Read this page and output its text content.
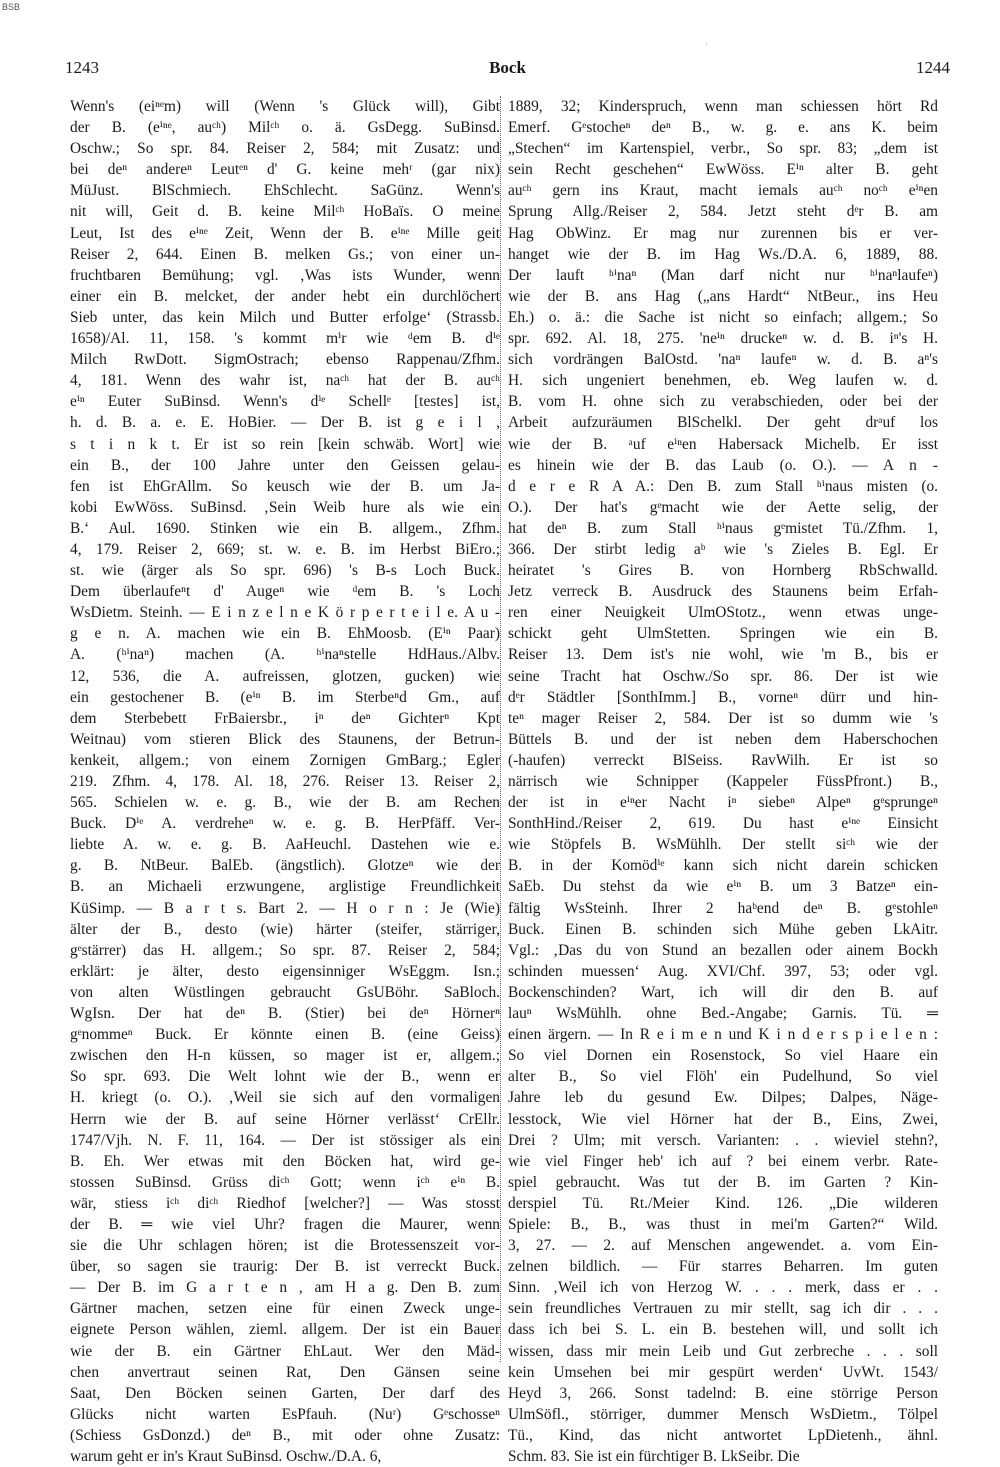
BSB
ʿ
1243	Bock	1244
Wenn's (eiⁿᵉm) will (Wenn 's Glück will), Gibt
der B. (eⁱⁿᵉ, auᶜʰ) Milᶜʰ o. ä. GsDegg. SuBinsd.
Oschw.; So spr. 84. Reiser 2, 584; mit Zusatz: und
bei deⁿ andereⁿ Leutᵉⁿ d' G. keine mehʳ (gar nix)
MüJust. BlSchmiech. EhSchlecht. SaGünz. Wenn's
nit will, Geit d. B. keine Milᶜʰ HoBaïs. O meine
Leut, Ist des eⁱⁿᵉ Zeit, Wenn der B. eⁱⁿᵉ Mille geit
Reiser 2, 644. Einen B. melken Gs.; von einer un-
fruchtbaren Bemühung; vgl. ‚Was ists Wunder, wenn
einer ein B. melcket, der ander hebt ein durchlöchert
Sieb unter, das kein Milch und Butter erfolge‘ (Strassb.
1658)/Al. 11, 158. 's kommt mⁱr wie ᵈem B. dⁱᵉ
Milch RwDott. SigmOstrach; ebenso Rappenau/Zfhm.
4, 181. Wenn des wahr ist, naᶜʰ hat der B. auᶜʰ
eⁱⁿ Euter SuBinsd. Wenn's dⁱᵉ Schellᵉ [testes] ist,
h. d. B. a. e. E. HoBier. — Der B. ist g e i l ,
s t i n k t. Er ist so rein [kein schwäb. Wort] wie
ein B., der 100 Jahre unter den Geissen gelau-
fen ist EhGrAllm. So keusch wie der B. um Ja-
kobi EwWöss. SuBinsd. ‚Sein Weib hure als wie ein
B.‘ Aul. 1690. Stinken wie ein B. allgem., Zfhm.
4, 179. Reiser 2, 669; st. w. e. B. im Herbst BiEro.;
st. wie (ärger als So spr. 696) 's B-s Loch Buck.
Dem überlaufeⁿt d' Augeⁿ wie ᵈem B. 's Loch
WsDietm. Steinh. — E i n z e l n e K ö r p e r t e i l e. A u -
g e n. A. machen wie ein B. EhMoosb. (Eⁱⁿ Paar)
A. (ʰⁱnaⁿ) machen (A. ʰⁱnaⁿstelle HdHaus./Albv.
12, 536, die A. aufreissen, glotzen, gucken) wie
ein gestochener B. (eⁱⁿ B. im Sterbeⁿd Gm., auf
dem Sterbebett FrBaiersbr., iⁿ deⁿ Gichterⁿ Kpt
Weitnau) vom stieren Blick des Staunens, der Betrun-
kenkeit, allgem.; von einem Zornigen GmBarg.; Egler
219. Zfhm. 4, 178. Al. 18, 276. Reiser 13. Reiser 2,
565. Schielen w. e. g. B., wie der B. am Rechen
Buck. Dⁱᵉ A. verdreheⁿ w. e. g. B. HerPfäff. Ver-
liebte A. w. e. g. B. AaHeuchl. Dastehen wie e.
g. B. NtBeur. BalEb. (ängstlich). Glotzeⁿ wie der
B. an Michaeli erzwungene, arglistige Freundlichkeit
KüSimp. — B a r t s. Bart 2. — H o r n : Je (Wie)
älter der B., desto (wie) härter (steifer, stärriger,
gᵉstärrer) das H. allgem.; So spr. 87. Reiser 2, 584;
erklärt: je älter, desto eigensinniger WsEggm. Isn.;
von alten Wüstlingen gebraucht GsUBöhr. SaBloch.
WgIsn. Der hat deⁿ B. (Stier) bei deⁿ Hörnerⁿ
gᵉnommeⁿ Buck. Er könnte einen B. (eine Geiss)
zwischen den H-n küssen, so mager ist er, allgem.;
So spr. 693. Die Welt lohnt wie der B., wenn er
H. kriegt (o. O.). ‚Weil sie sich auf den vormaligen
Herrn wie der B. auf seine Hörner verlässt‘ CrEllr.
1747/Vjh. N. F. 11, 164. — Der ist stössiger als ein
B. Eh. Wer etwas mit den Böcken hat, wird ge-
stossen SuBinsd. Grüss diᶜʰ Gott; wenn iᶜʰ eⁱⁿ B.
wär, stiess iᶜʰ diᶜʰ Riedhof [welcher?] — Was stosst
der B. ═ wie viel Uhr? fragen die Maurer, wenn
sie die Uhr schlagen hören; ist die Brotessenszeit vor-
über, so sagen sie traurig: Der B. ist verreckt Buck.
— Der B. im G a r t e n , am H a g. Den B. zum
Gärtner machen, setzen eine für einen Zweck unge-
eignete Person wählen, zieml. allgem. Der ist ein Bauer
wie der B. ein Gärtner EhLaut. Wer den Mäd-
chen anvertraut seinen Rat, Den Gänsen seine
Saat, Den Böcken seinen Garten, Der darf des
Glücks nicht warten EsPfauh. (Nuʳ) Gᵉschosseⁿ
(Schiess GsDonzd.) deⁿ B., mit oder ohne Zusatz:
warum geht er in's Kraut SuBinsd. Oschw./D.A. 6,
1889, 32; Kinderspruch, wenn man schiessen hört Rd
Emerf. Gᵉstocheⁿ deⁿ B., w. g. e. ans K. beim
„Stechen“ im Kartenspiel, verbr., So spr. 83; „dem ist
sein Recht geschehen“ EwWöss. Eⁱⁿ alter B. geht
auᶜʰ gern ins Kraut, macht iemals auᶜʰ noᶜʰ eⁱⁿen
Sprung Allg./Reiser 2, 584. Jetzt steht dᵉr B. am
Hag ObWinz. Er mag nur zurennen bis er ver-
hanget wie der B. im Hag Ws./D.A. 6, 1889, 88.
Der lauft ʰⁱnaⁿ (Man darf nicht nur ʰⁱnaⁿlaufeⁿ)
wie der B. ans Hag („ans Hardt“ NtBeur., ins Heu
Eh.) o. ä.: die Sache ist nicht so einfach; allgem.; So
spr. 692. Al. 18, 275. 'neⁱⁿ druckeⁿ w. d. B. iⁿ's H.
sich vordrängen BalOstd. 'naⁿ laufeⁿ w. d. B. aⁿ's
H. sich ungeniert benehmen, eb. Weg laufen w. d.
B. vom H. ohne sich zu verabschieden, oder bei der
Arbeit aufzuräumen BlSchelkl. Der geht drᵃuf los
wie der B. ᵃuf eⁱⁿen Habersack Michelb. Er isst
es hinein wie der B. das Laub (o. O.). — A n -
d e r e R A A.: Den B. zum Stall ʰⁱnaus misten (o.
O.). Der hat's gᵉmacht wie der Aette selig, der
hat deⁿ B. zum Stall ʰⁱnaus gᵉmistet Tü./Zfhm. 1,
366. Der stirbt ledig aᵇ wie 's Zieles B. Egl. Er
heiratet 's Gires B. von Hornberg RbSchwalld.
Jetz verreck B. Ausdruck des Staunens beim Erfah-
ren einer Neuigkeit UlmOStotz., wenn etwas unge-
schickt geht UlmStetten. Springen wie ein B.
Reiser 13. Dem ist's nie wohl, wie 'm B., bis er
seine Tracht hat Oschw./So spr. 86. Der ist wie
dᵉr Städtler [SonthImm.] B., vorneⁿ dürr und hin-
teⁿ mager Reiser 2, 584. Der ist so dumm wie 's
Büttels B. und der ist neben dem Haberschochen
(-haufen) verreckt BlSeiss. RavWilh. Er ist so
närrisch wie Schnipper (Kappeler FüssPfront.) B.,
der ist in eⁱⁿer Nacht iⁿ siebeⁿ Alpeⁿ gᵉsprungeⁿ
SonthHind./Reiser 2, 619. Du hast eⁱⁿᵉ Einsicht
wie Stöpfels B. WsMühlh. Der stellt siᶜʰ wie der
B. in der Komödⁱᵉ kann sich nicht darein schicken
SaEb. Du stehst da wie eⁱⁿ B. um 3 Batzeⁿ ein-
fältig WsSteinh. Ihrer 2 haᵇend deⁿ B. gᵉstohleⁿ
Buck. Einen B. schinden sich Mühe geben LkAitr.
Vgl.: ‚Das du von Stund an bezallen oder ainem Bockh
schinden muessen‘ Aug. XVI/Chf. 397, 53; oder vgl.
Bockenschinden? Wart, ich will dir den B. auf
lauⁿ WsMühlh. ohne Bed.-Angabe; Garnis. Tü. ═
einen ärgern. — In R e i m e n und K i n d e r s p i e l e n :
So viel Dornen ein Rosenstock, So viel Haare ein
alter B., So viel Flöh' ein Pudelhund, So viel
Jahre leb du gesund Ew. Dilpes; Dalpes, Näge-
lesstock, Wie viel Hörner hat der B., Eins, Zwei,
Drei ? Ulm; mit versch. Varianten: . . wieviel stehn?,
wie viel Finger heb' ich auf ? bei einem verbr. Rate-
spiel gebraucht. Was tut der B. im Garten ? Kin-
derspiel Tü. Rt./Meier Kind. 126. „Die wilderen
Spiele: B., B., was thust in mei'm Garten?“ Wild.
3, 27. — 2. auf Menschen angewendet. a. vom Ein-
zelnen bildlich. — Für starres Beharren. Im guten
Sinn. ‚Weil ich von Herzog W. . . . merk, dass er . .
sein freundliches Vertrauen zu mir stellt, sag ich dir . . .
dass ich bei S. L. ein B. bestehen will, und sollt ich
wissen, dass mir mein Leib und Gut zerbreche . . . soll
kein Umsehen bei mir gespürt werden‘ UvWt. 1543/
Heyd 3, 266. Sonst tadelnd: B. eine störrige Person
UlmSöfl., störriger, dummer Mensch WsDietm., Tölpel
Tü., Kind, das nicht antwortet LpDietenh., ähnl.
Schm. 83. Sie ist ein fürchtiger B. LkSeibr. Die
